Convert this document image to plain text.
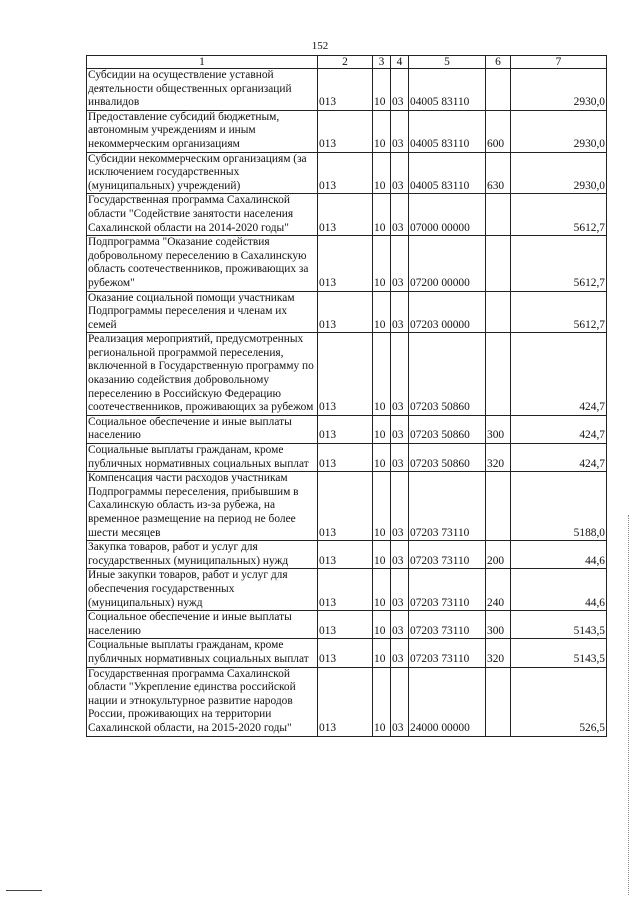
152
1	2	3	4	5	6	7
Субсидии на осуществление уставной деятельности общественных организаций инвалидов	013	10	03	04005 83110		2930,0
Предоставление субсидий бюджетным, автономным учреждениям и иным некоммерческим организациям	013	10	03	04005 83110	600	2930,0
Субсидии некоммерческим организациям (за исключением государственных (муниципальных) учреждений)	013	10	03	04005 83110	630	2930,0
Государственная программа Сахалинской области "Содействие занятости населения Сахалинской области на 2014-2020 годы"	013	10	03	07000 00000		5612,7
Подпрограмма "Оказание содействия добровольному переселению в Сахалинскую область соотечественников, проживающих за рубежом"	013	10	03	07200 00000		5612,7
Оказание социальной помощи участникам Подпрограммы переселения и членам их семей	013	10	03	07203 00000		5612,7
Реализация мероприятий, предусмотренных региональной программой переселения, включенной в Государственную программу по оказанию содействия добровольному переселению в Российскую Федерацию соотечественников, проживающих за рубежом	013	10	03	07203 50860		424,7
Социальное обеспечение и иные выплаты населению	013	10	03	07203 50860	300	424,7
Социальные выплаты гражданам, кроме публичных нормативных социальных выплат	013	10	03	07203 50860	320	424,7
Компенсация части расходов участникам Подпрограммы переселения, прибывшим в Сахалинскую область из-за рубежа, на временное размещение на период не более шести месяцев	013	10	03	07203 73110		5188,0
Закупка товаров, работ и услуг для государственных (муниципальных) нужд	013	10	03	07203 73110	200	44,6
Иные закупки товаров, работ и услуг для обеспечения государственных (муниципальных) нужд	013	10	03	07203 73110	240	44,6
Социальное обеспечение и иные выплаты населению	013	10	03	07203 73110	300	5143,5
Социальные выплаты гражданам, кроме публичных нормативных социальных выплат	013	10	03	07203 73110	320	5143,5
Государственная программа Сахалинской области "Укрепление единства российской нации и этнокультурное развитие народов России, проживающих на территории Сахалинской области, на 2015-2020 годы"	013	10	03	24000 00000		526,5
